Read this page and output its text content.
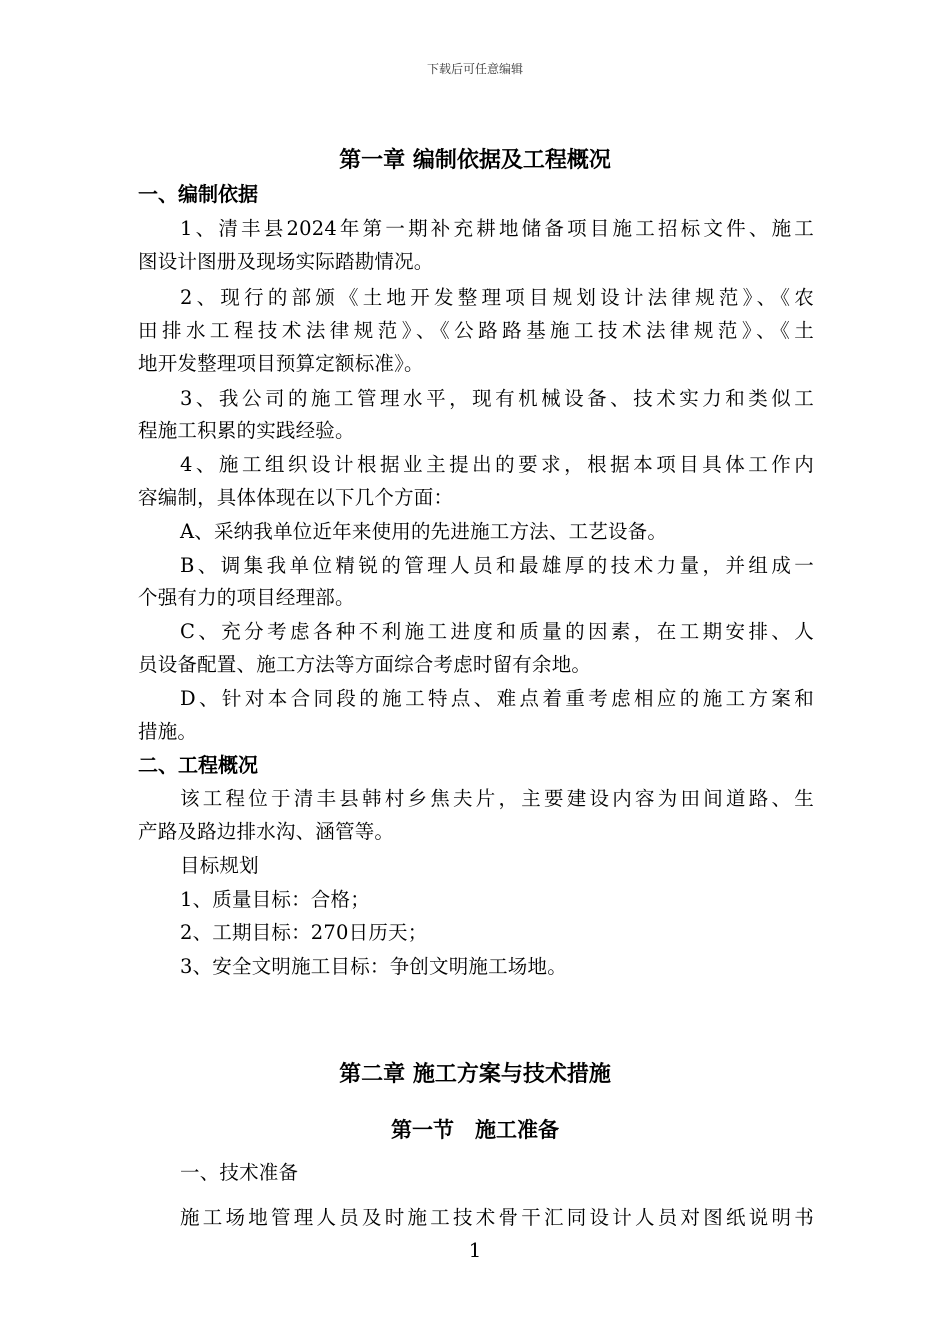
下载后可任意编辑
第一章 编制依据及工程概况
一、编制依据
1、清丰县2024年第一期补充耕地储备项目施工招标文件、施工
图设计图册及现场实际踏勘情况。
2、现行的部颁《土地开发整理项目规划设计法律规范》、《农
田排水工程技术法律规范》、《公路路基施工技术法律规范》、《土
地开发整理项目预算定额标准》。
3、我公司的施工管理水平，现有机械设备、技术实力和类似工
程施工积累的实践经验。
4、施工组织设计根据业主提出的要求，根据本项目具体工作内
容编制，具体体现在以下几个方面：
A、采纳我单位近年来使用的先进施工方法、工艺设备。
B、调集我单位精锐的管理人员和最雄厚的技术力量，并组成一
个强有力的项目经理部。
C、充分考虑各种不利施工进度和质量的因素，在工期安排、人
员设备配置、施工方法等方面综合考虑时留有余地。
D、针对本合同段的施工特点、难点着重考虑相应的施工方案和
措施。
二、工程概况
该工程位于清丰县韩村乡焦夫片，主要建设内容为田间道路、生
产路及路边排水沟、涵管等。
目标规划
1、质量目标：合格；
2、工期目标：270日历天；
3、安全文明施工目标：争创文明施工场地。
第二章 施工方案与技术措施
第一节　施工准备
一、技术准备
施工场地管理人员及时施工技术骨干汇同设计人员对图纸说明书
1
